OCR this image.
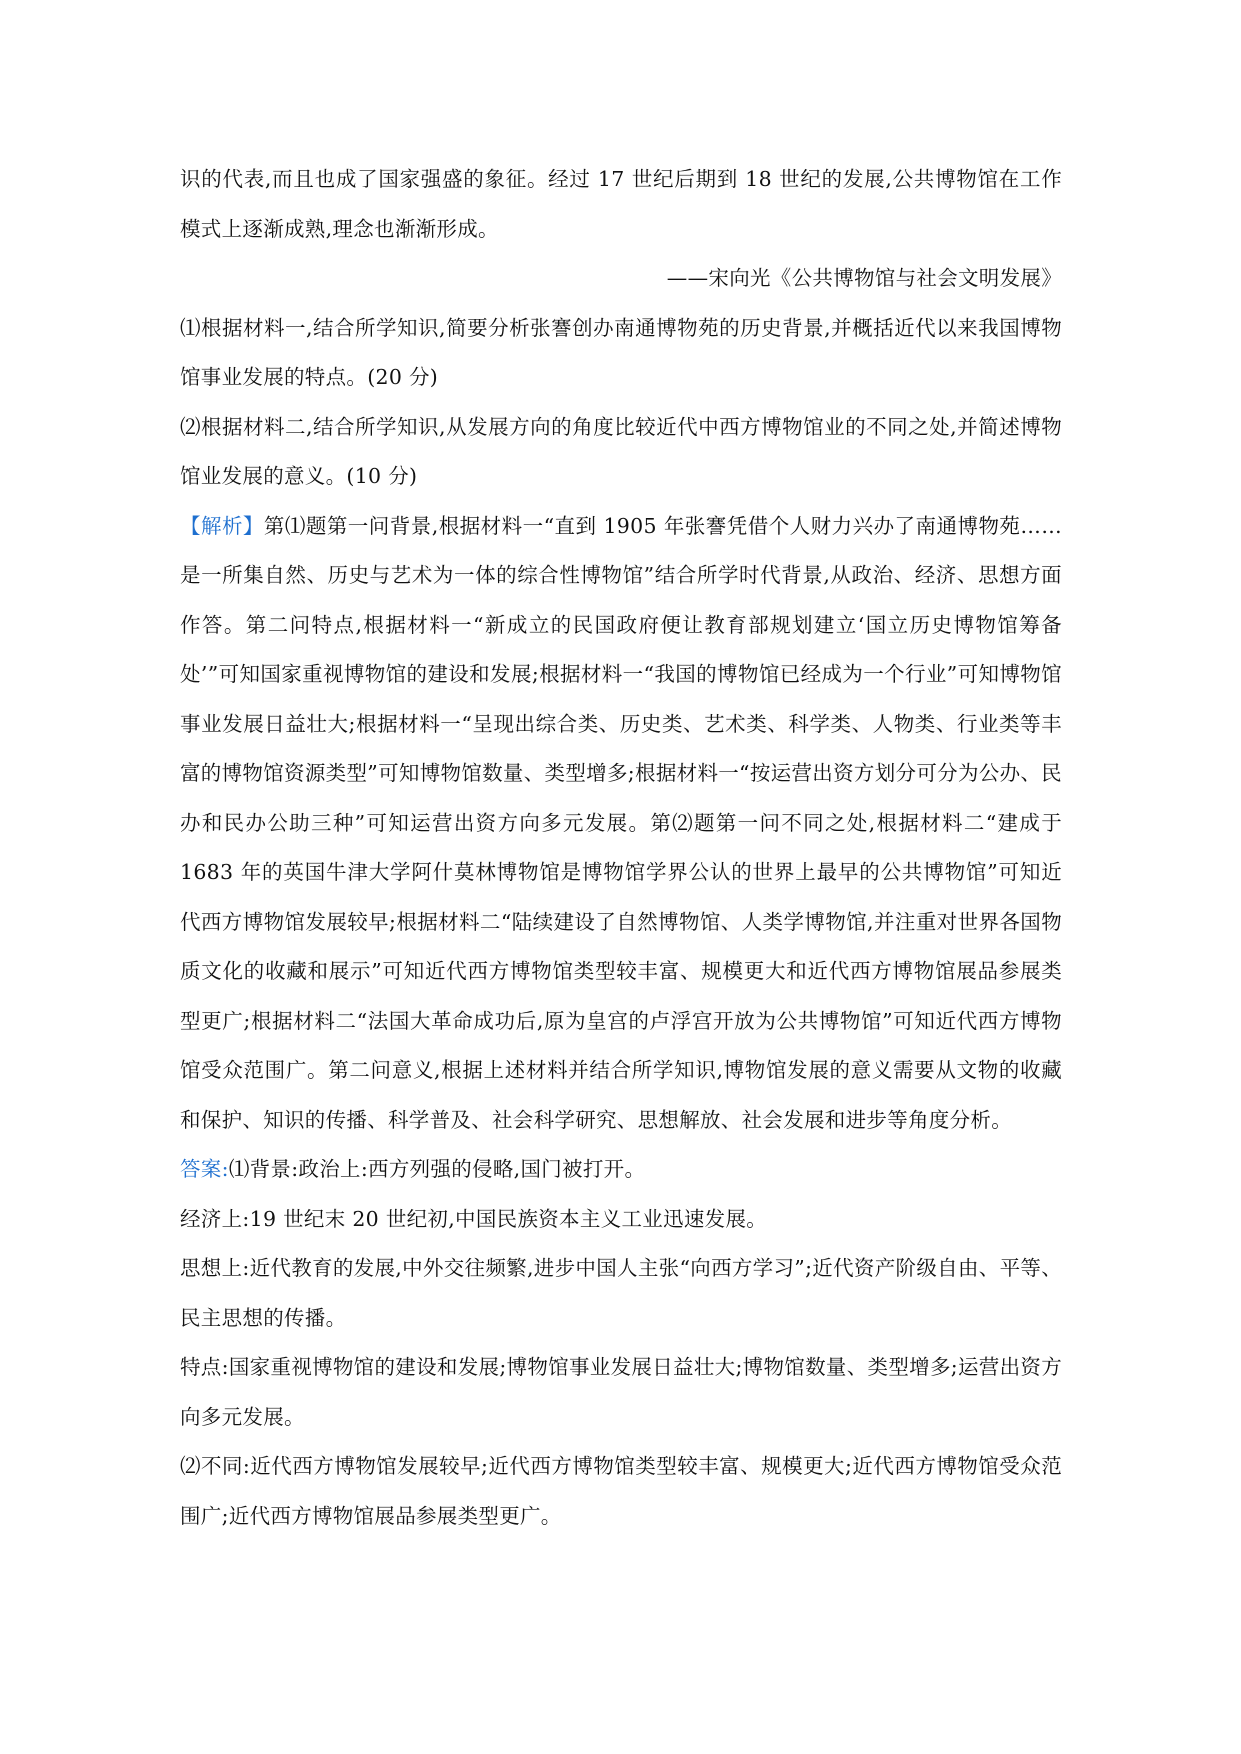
识的代表,而且也成了国家强盛的象征。经过 17 世纪后期到 18 世纪的发展,公共博物馆在工作模式上逐渐成熟,理念也渐渐形成。

——宋向光《公共博物馆与社会文明发展》

⑴根据材料一,结合所学知识,简要分析张謇创办南通博物苑的历史背景,并概括近代以来我国博物馆事业发展的特点。(20 分)

⑵根据材料二,结合所学知识,从发展方向的角度比较近代中西方博物馆业的不同之处,并简述博物馆业发展的意义。(10 分)

【解析】第⑴题第一问背景,根据材料一“直到 1905 年张謇凭借个人财力兴办了南通博物苑……是一所集自然、历史与艺术为一体的综合性博物馆”结合所学时代背景,从政治、经济、思想方面作答。第二问特点,根据材料一“新成立的民国政府便让教育部规划建立‘国立历史博物馆筹备处’”可知国家重视博物馆的建设和发展;根据材料一“我国的博物馆已经成为一个行业”可知博物馆事业发展日益壮大;根据材料一“呈现出综合类、历史类、艺术类、科学类、人物类、行业类等丰富的博物馆资源类型”可知博物馆数量、类型增多;根据材料一“按运营出资方划分可分为公办、民办和民办公助三种”可知运营出资方向多元发展。第⑵题第一问不同之处,根据材料二“建成于 1683 年的英国牛津大学阿什莫林博物馆是博物馆学界公认的世界上最早的公共博物馆”可知近代西方博物馆发展较早;根据材料二“陆续建设了自然博物馆、人类学博物馆,并注重对世界各国物质文化的收藏和展示”可知近代西方博物馆类型较丰富、规模更大和近代西方博物馆展品参展类型更广;根据材料二“法国大革命成功后,原为皇宫的卢浮宫开放为公共博物馆”可知近代西方博物馆受众范围广。第二问意义,根据上述材料并结合所学知识,博物馆发展的意义需要从文物的收藏和保护、知识的传播、科学普及、社会科学研究、思想解放、社会发展和进步等角度分析。

答案:⑴背景:政治上:西方列强的侵略,国门被打开。

经济上:19 世纪末 20 世纪初,中国民族资本主义工业迅速发展。

思想上:近代教育的发展,中外交往频繁,进步中国人主张“向西方学习”;近代资产阶级自由、平等、民主思想的传播。

特点:国家重视博物馆的建设和发展;博物馆事业发展日益壮大;博物馆数量、类型增多;运营出资方向多元发展。

⑵不同:近代西方博物馆发展较早;近代西方博物馆类型较丰富、规模更大;近代西方博物馆受众范围广;近代西方博物馆展品参展类型更广。
